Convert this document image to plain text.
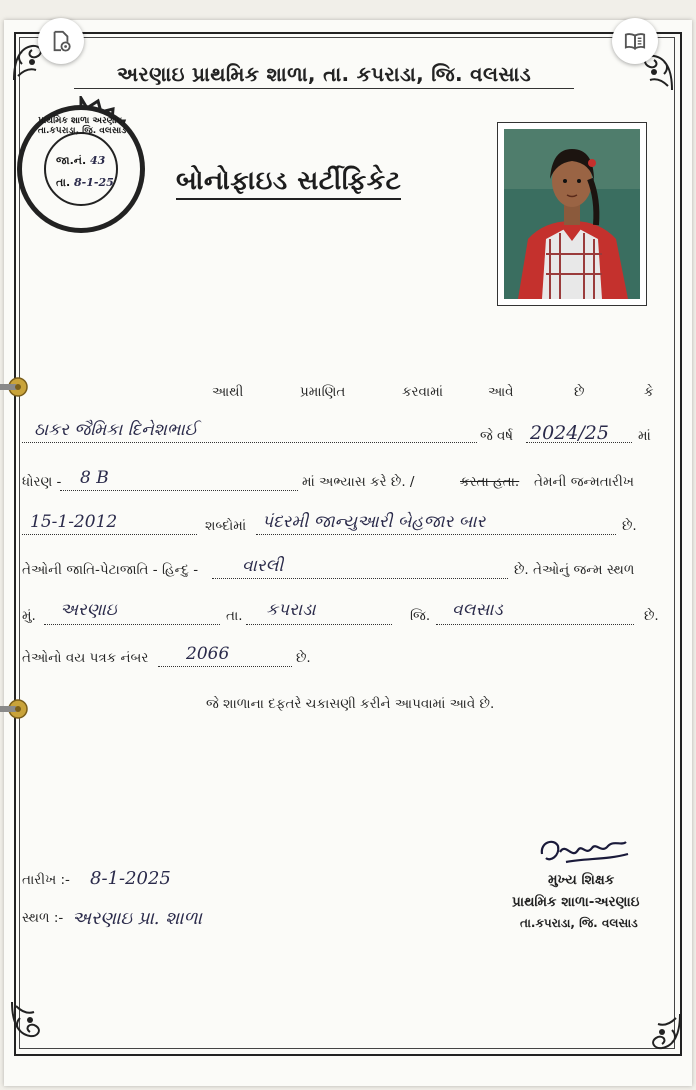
અરણાઇ પ્રાથમિક શાળા, તા. કપરાડા, જિ. વલસાડ
જા.નં. 43
તા. 8-1-25
પ્રાથમિક શાળા અરણાઇ, તા.કપરાડા, જિ. વલસાડ
બોનોફાઇડ સર્ટીફિકેટ
આથી	પ્રમાણિત	કરવામાં	આવે	છે	કે
ઠાકર જૈમિકા દિનેશભાઈ	જે વર્ષ 2024/25 માં
ધોરણ - 8 B	માં અભ્યાસ કરે છે. /	કરતા હતા. તેમની જન્મતારીખ
15-1-2012	શબ્દોમાં પંદરમી જાન્યુઆરી બેહજાર બાર	છે.
તેઓની જાતિ-પેટાજાતિ - હિન્દુ -	વારલી	છે. તેઓનું જન્મ સ્થળ
મું. અરણાઇ	તા. કપરાડા	જિ. વલસાડ	છે.
તેઓનો વય પત્રક નંબર 2066	છે.
જે શાળાના દફતરે ચકાસણી કરીને આપવામાં આવે છે.
મુખ્ય શિક્ષક
પ્રાથમિક શાળા-અરણાઇ
તા.કપરાડા, જિ. વલસાડ
તારીખ :- 8-1-2025
સ્થળ :- અરણાઇ પ્રા. શાળા
